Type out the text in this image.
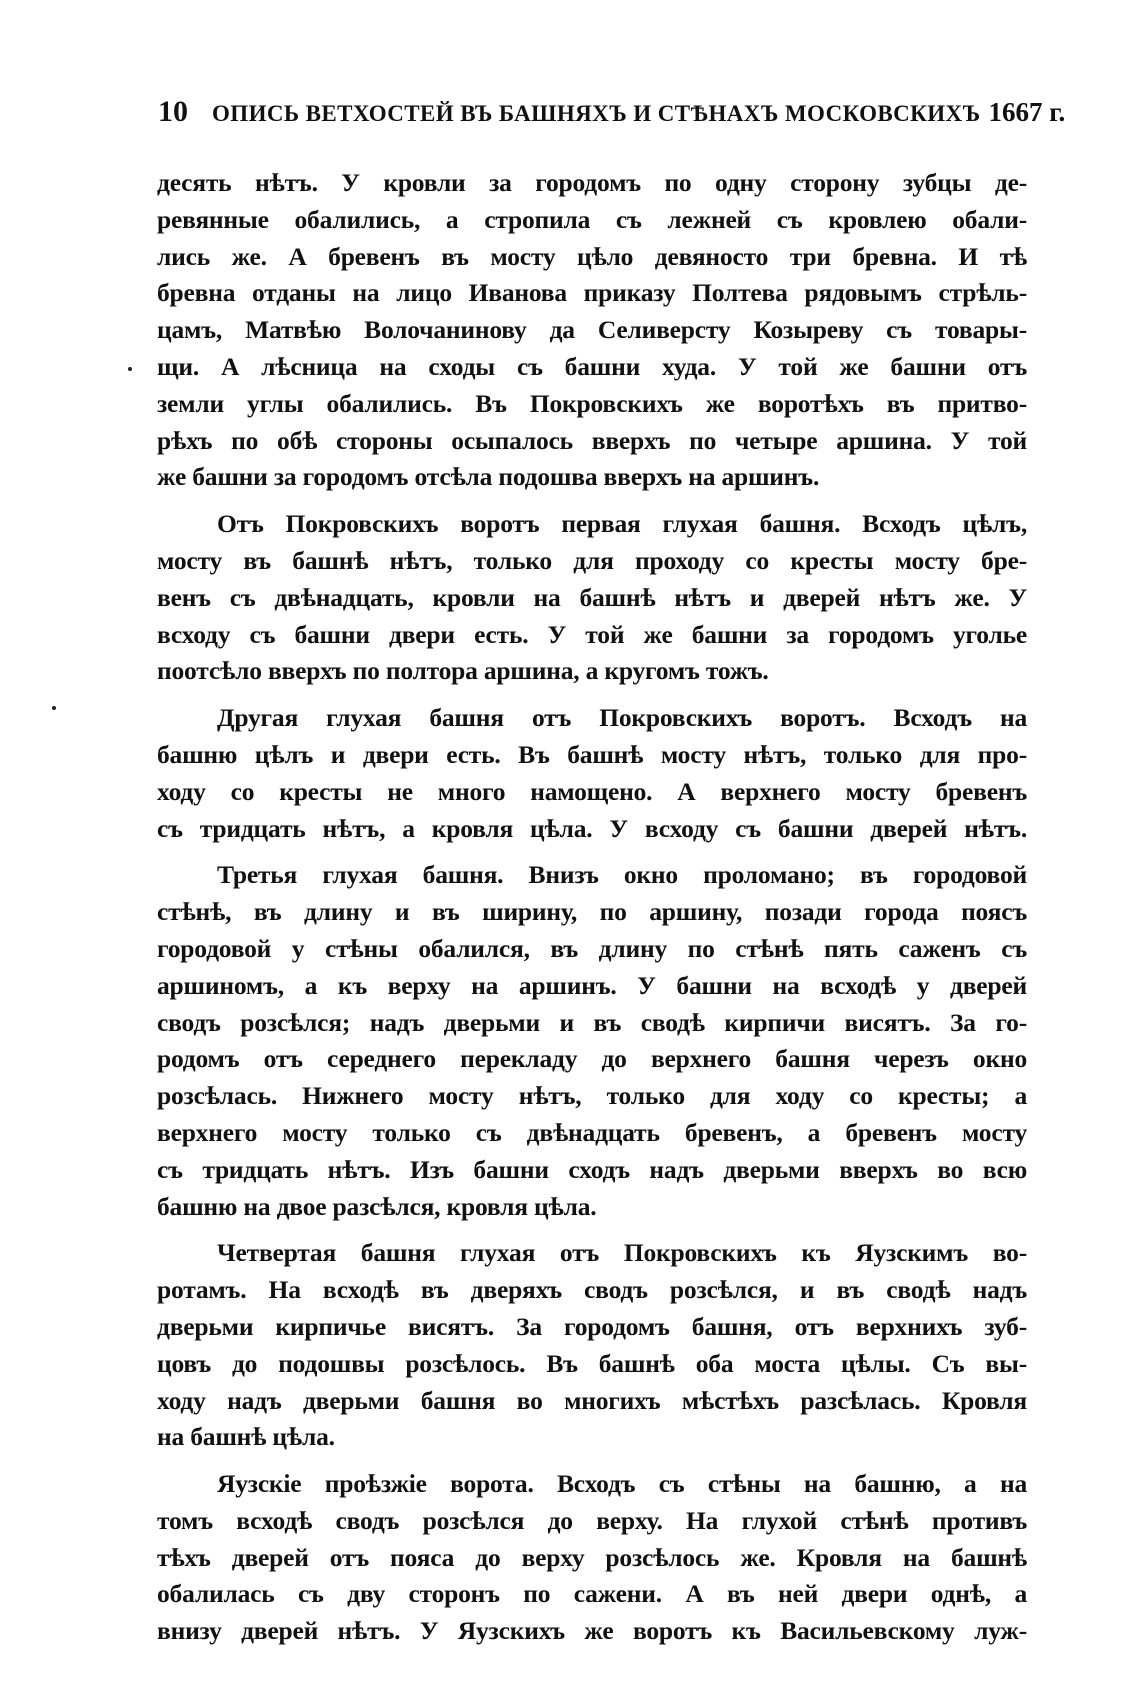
10 ОПИСЬ ВЕТХОСТЕЙ ВЪ БАШНЯХЪ И СТѢНАХЪ МОСКОВСКИХЪ 1667 г.
десять нѣтъ. У кровли за городомъ по одну сторону зубцы де-
ревянные обалились, а стропила съ лежней съ кровлею обали-
лись же. А бревенъ въ мосту цѣло девяносто три бревна. И тѣ
бревна отданы на лицо Иванова приказу Полтева рядовымъ стрѣль-
цамъ, Матвѣю Волочанинову да Селиверсту Козыреву съ товары-
щи. А лѣсница на сходы съ башни худа. У той же башни отъ
земли углы обалились. Въ Покровскихъ же воротѣхъ въ притво-
рѣхъ по обѣ стороны осыпалось вверхъ по четыре аршина. У той
же башни за городомъ отсѣла подошва вверхъ на аршинъ.
Отъ Покровскихъ воротъ первая глухая башня. Всходъ цѣлъ,
мосту въ башнѣ нѣтъ, только для проходу со кресты мосту бре-
венъ съ двѣнадцать, кровли на башнѣ нѣтъ и дверей нѣтъ же. У
всходу съ башни двери есть. У той же башни за городомъ уголье
поотсѣло вверхъ по полтора аршина, а кругомъ тожъ.
Другая глухая башня отъ Покровскихъ воротъ. Всходъ на
башню цѣлъ и двери есть. Въ башнѣ мосту нѣтъ, только для про-
ходу со кресты не много намощено. А верхнего мосту бревенъ
съ тридцать нѣтъ, а кровля цѣла. У всходу съ башни дверей нѣтъ.
Третья глухая башня. Внизъ окно проломано; въ городовой
стѣнѣ, въ длину и въ ширину, по аршину, позади города поясъ
городовой у стѣны обалился, въ длину по стѣнѣ пять саженъ съ
аршиномъ, а къ верху на аршинъ. У башни на всходѣ у дверей
сводъ розсѣлся; надъ дверьми и въ сводѣ кирпичи висятъ. За го-
родомъ отъ середнего перекладу до верхнего башня черезъ окно
розсѣлась. Нижнего мосту нѣтъ, только для ходу со кресты; а
верхнего мосту только съ двѣнадцать бревенъ, а бревенъ мосту
съ тридцать нѣтъ. Изъ башни сходъ надъ дверьми вверхъ во всю
башню на двое разсѣлся, кровля цѣла.
Четвертая башня глухая отъ Покровскихъ къ Яузскимъ во-
ротамъ. На всходѣ въ дверяхъ сводъ розсѣлся, и въ сводѣ надъ
дверьми кирпичье висятъ. За городомъ башня, отъ верхнихъ зуб-
цовъ до подошвы розсѣлось. Въ башнѣ оба моста цѣлы. Съ вы-
ходу надъ дверьми башня во многихъ мѣстѣхъ разсѣлась. Кровля
на башнѣ цѣла.
Яузскіе проѣзжіе ворота. Всходъ съ стѣны на башню, а на
томъ всходѣ сводъ розсѣлся до верху. На глухой стѣнѣ противъ
тѣхъ дверей отъ пояса до верху розсѣлось же. Кровля на башнѣ
обалилась съ дву сторонъ по сажени. А въ ней двери однѣ, а
внизу дверей нѣтъ. У Яузскихъ же воротъ къ Васильевскому луж-
